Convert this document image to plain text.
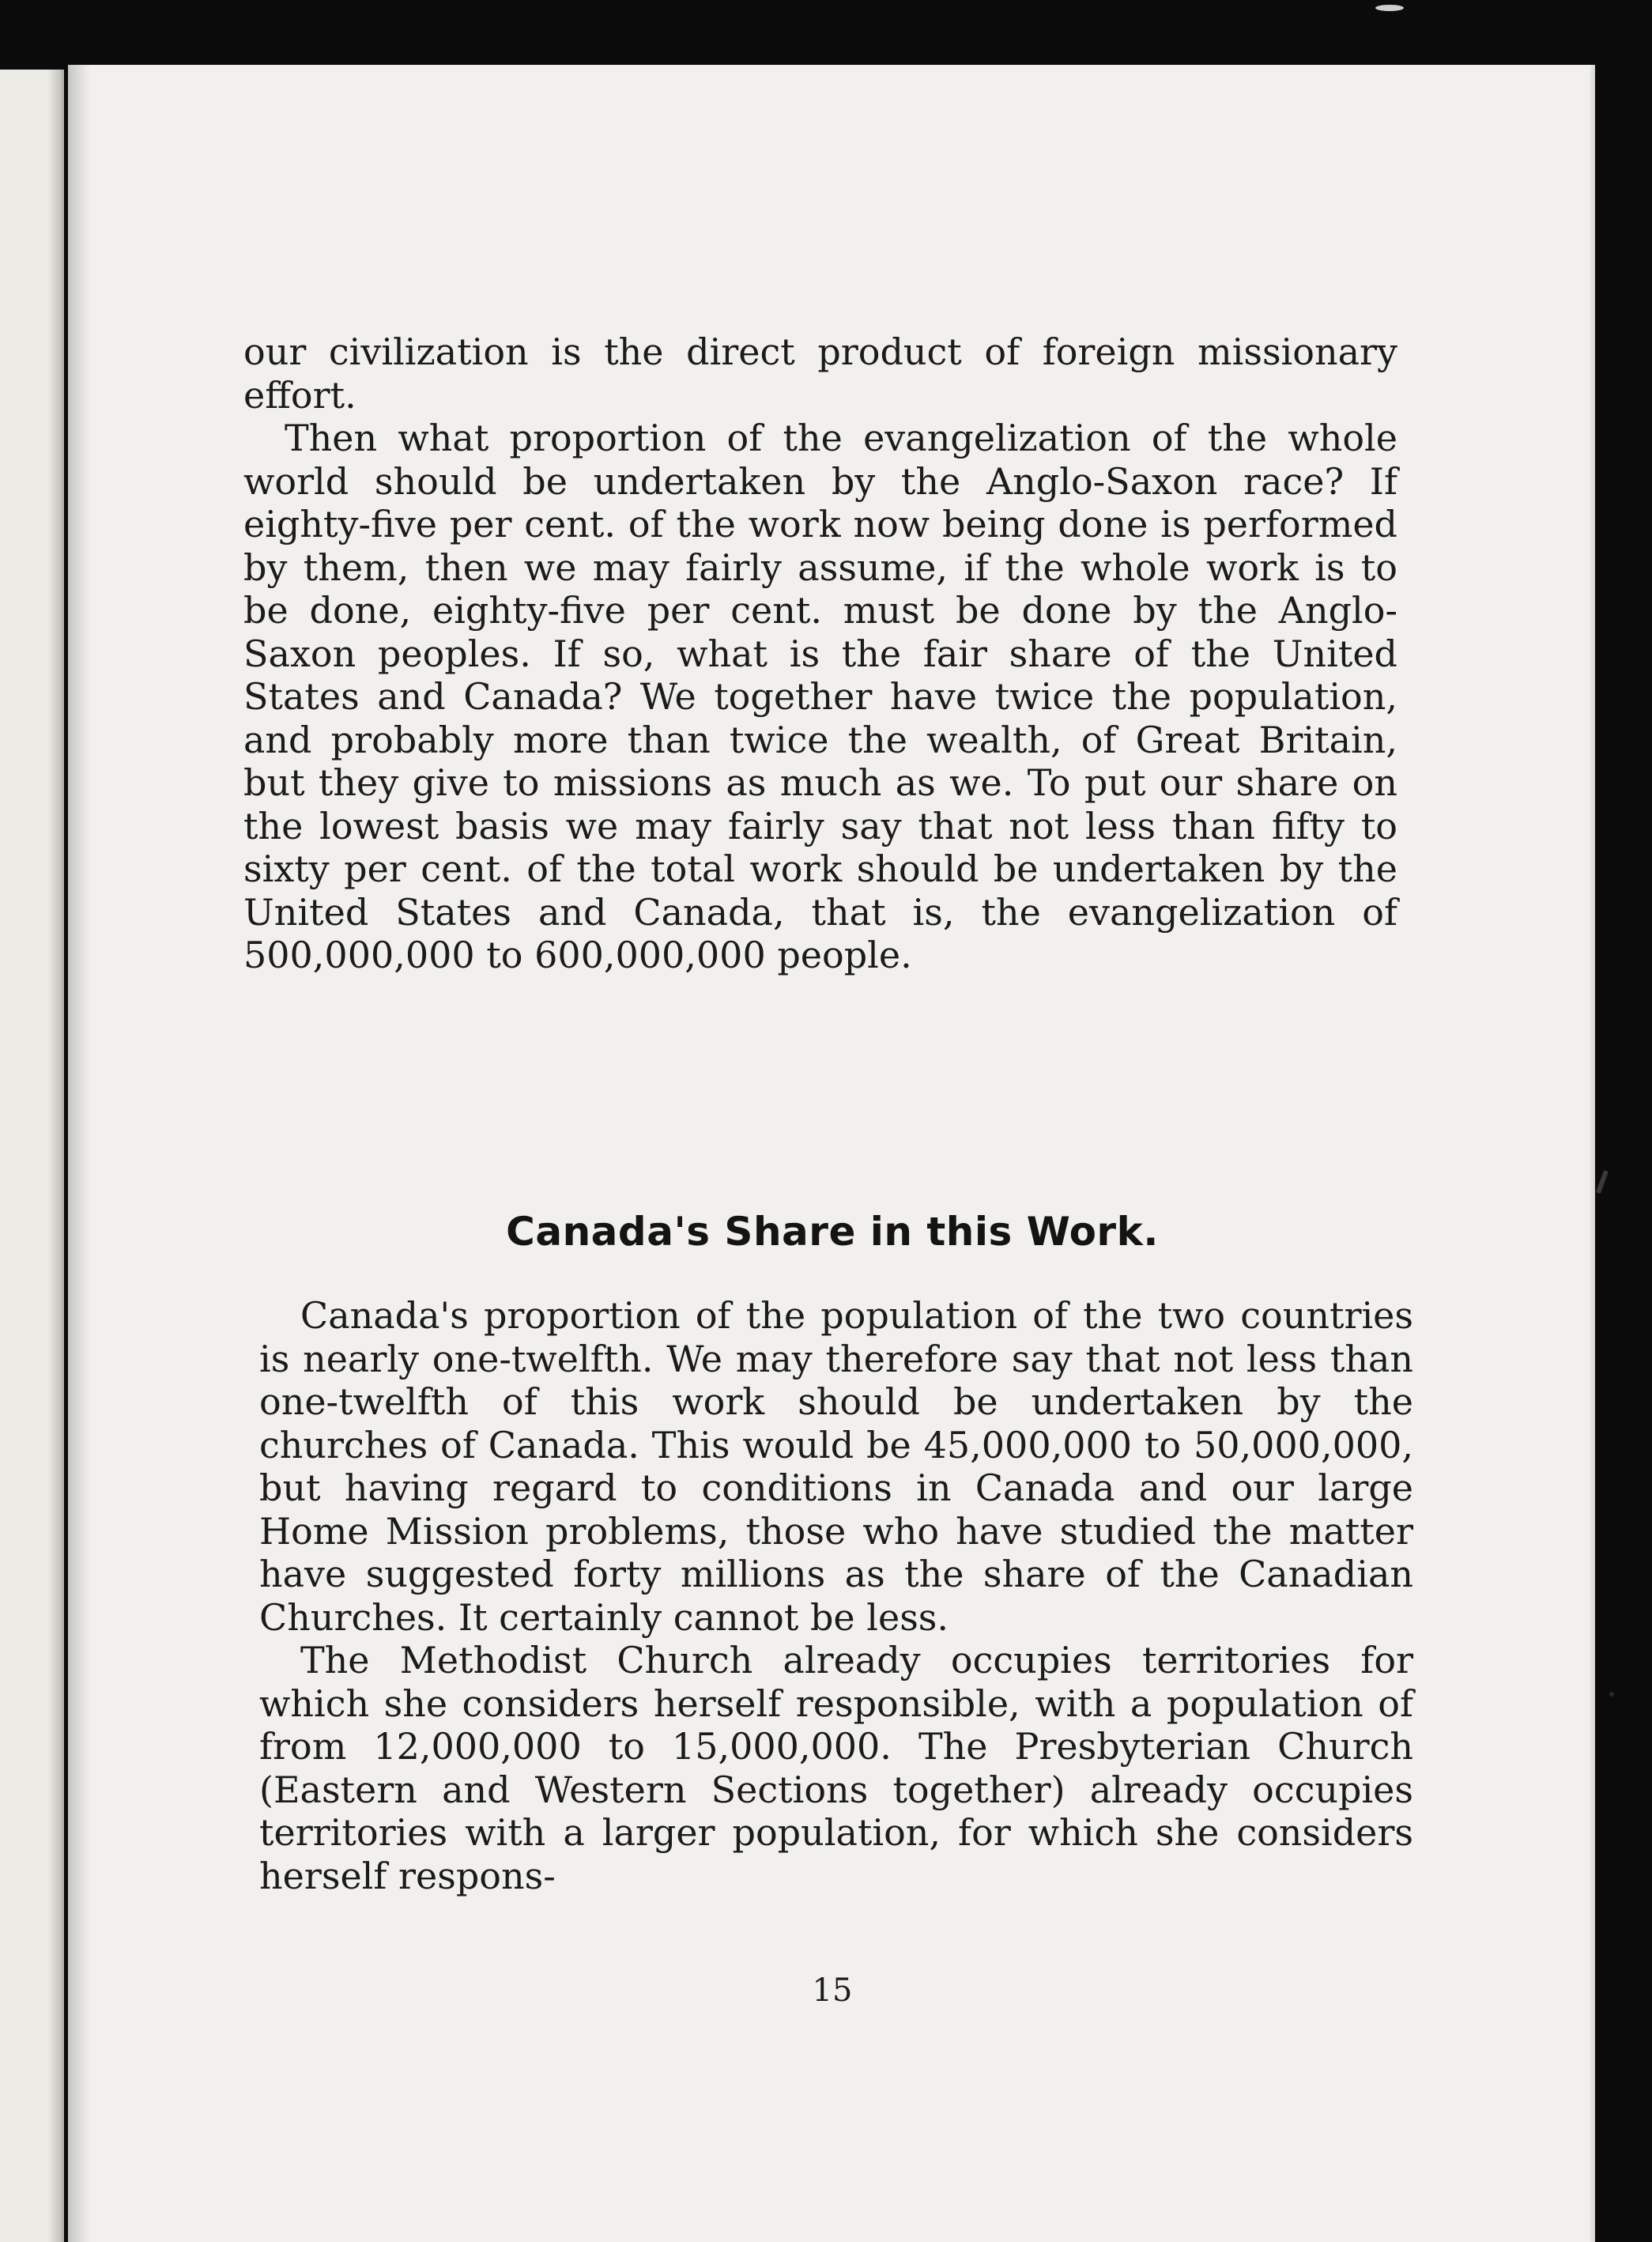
our civilization is the direct product of foreign missionary effort.

Then what proportion of the evangelization of the whole world should be undertaken by the Anglo-Saxon race? If eighty-five per cent. of the work now being done is performed by them, then we may fairly assume, if the whole work is to be done, eighty-five per cent. must be done by the Anglo-Saxon peoples. If so, what is the fair share of the United States and Canada? We together have twice the population, and probably more than twice the wealth, of Great Britain, but they give to missions as much as we. To put our share on the lowest basis we may fairly say that not less than fifty to sixty per cent. of the total work should be undertaken by the United States and Canada, that is, the evangelization of 500,000,000 to 600,000,000 people.

Canada's Share in this Work.

Canada's proportion of the population of the two countries is nearly one-twelfth. We may therefore say that not less than one-twelfth of this work should be undertaken by the churches of Canada. This would be 45,000,000 to 50,000,000, but having regard to conditions in Canada and our large Home Mission problems, those who have studied the matter have suggested forty millions as the share of the Canadian Churches. It certainly cannot be less.

The Methodist Church already occupies territories for which she considers herself responsible, with a population of from 12,000,000 to 15,000,000. The Presbyterian Church (Eastern and Western Sections together) already occupies territories with a larger population, for which she considers herself respons-

15
